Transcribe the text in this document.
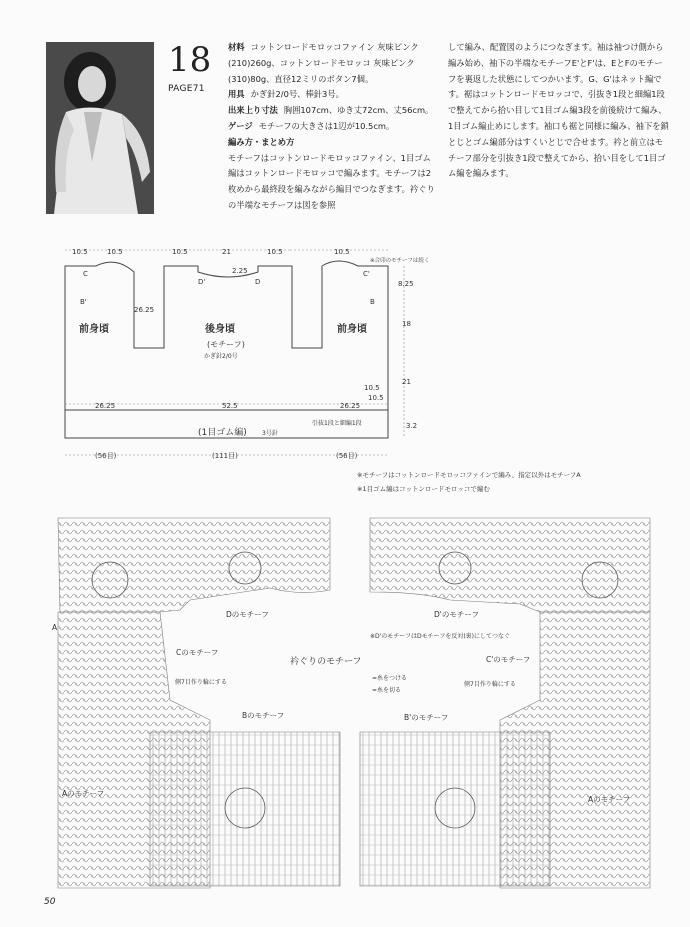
18
PAGE71

材料 コットンロードモロッコファイン 灰味ピンク(210)260g、コットンロードモロッコ 灰味ピンク(310)80g、直径12ミリのボタン7個。

用具 かぎ針2/0号、棒針3号。

出来上り寸法 胸囲107cm、ゆき丈72cm、丈56cm。

ゲージ モチーフの大きさは1辺が10.5cm。

編み方・まとめ方

モチーフはコットンロードモロッコファイン、1目ゴム編はコットンロードモロッコで編みます。モチーフは2枚めから最終段を編みながら編目でつなぎます。衿ぐりの半端なモチーフは図を参照

して編み、配置図のようにつなぎます。袖は袖つけ側から編み始め、袖下の半端なモチーフE'とF'は、EとFのモチーフを裏返した状態にしてつかいます。G、G'はネット編です。裾はコットンロードモロッコで、引抜き1段と細編1段で整えてから拾い目して1目ゴム編3段を前後続けて編み、1目ゴム編止めにします。袖口も裾と同様に編み、袖下を鎖とじとゴム編部分はすくいとじで合せます。衿と前立はモチーフ部分を引抜き1段で整えてから、拾い目をして1目ゴム編を編みます。

10.5	10.5	10.5	21	10.5	10.5
2.25
26.25
8.25
18
21
10.5
10.5
26.25	52.5	26.25
3.2
(56目)	(111目)	(56目)
※合印のモチーフは続く
C
B'
D'	D
C'
B
前身頃	後身頃	前身頃
(モチーフ)
かぎ針2/0号
(1目ゴム編)	3号針
引抜1段と細編1段
※モチーフはコットンロードモロッコファインで編み、指定以外はモチーフA
※1目ゴム編はコットンロードモロッコで編む
Dのモチーフ	D'のモチーフ
Cのモチーフ
C'のモチーフ
衿ぐりのモチーフ
※D'のモチーフはDモチーフを反対(裏)にしてつなぐ
=糸をつける
=糸を切る
側7目作り輪にする	側7目作り輪にする
Bのモチーフ	B'のモチーフ
Aのモチーフ
Aのモチーフ
A
50
